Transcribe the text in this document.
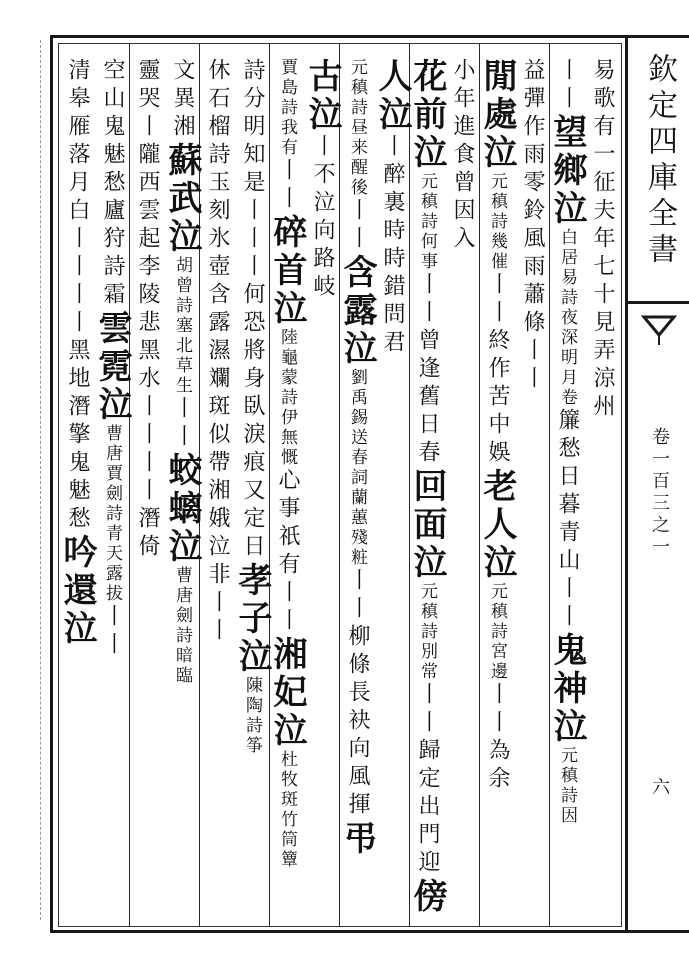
易歌有一征夫年七十見弄涼州
丨丨望鄉泣白居易詩夜深明月卷簾愁日暮青山丨丨鬼神泣元稹詩因
益彈作雨零鈴風雨蕭條丨丨
閒處泣元稹詩幾催丨丨終作苦中娛老人泣元稹詩宮邊丨丨為余
小年進食曾因入
花前泣元稹詩何事丨丨曾逢舊日春回面泣元稹詩別常丨丨歸定出門迎傍
人泣丨醉裏時時錯問君
元稹詩昼来醒後丨丨含露泣劉禹錫送春詞蘭蕙殘粧丨丨柳條長袂向風揮弔
古泣丨不泣向路岐
賈島詩我有丨丨碎首泣陸龜蒙詩伊無慨心事祇有丨丨湘妃泣杜牧斑竹筒簟
詩分明知是丨丨丨何恐將身臥淚痕又定日孝子泣陳陶詩筝
休石榴詩玉刻氷壺含露濕斕斑似帶湘娥泣非丨丨
文異湘蘇武泣胡曾詩塞北草生丨丨蛟螭泣曹唐劍詩暗臨
靈哭丨隴西雲起李陵悲黑水丨丨丨丨潛倚
空山鬼魅愁廬狩詩霜雲霓泣曹唐賈劍詩青天露拔丨丨
清皋雁落月白丨丨丨丨黑地潛擎鬼魅愁吟還泣
欽定四庫全書
卷一百三之一
六
